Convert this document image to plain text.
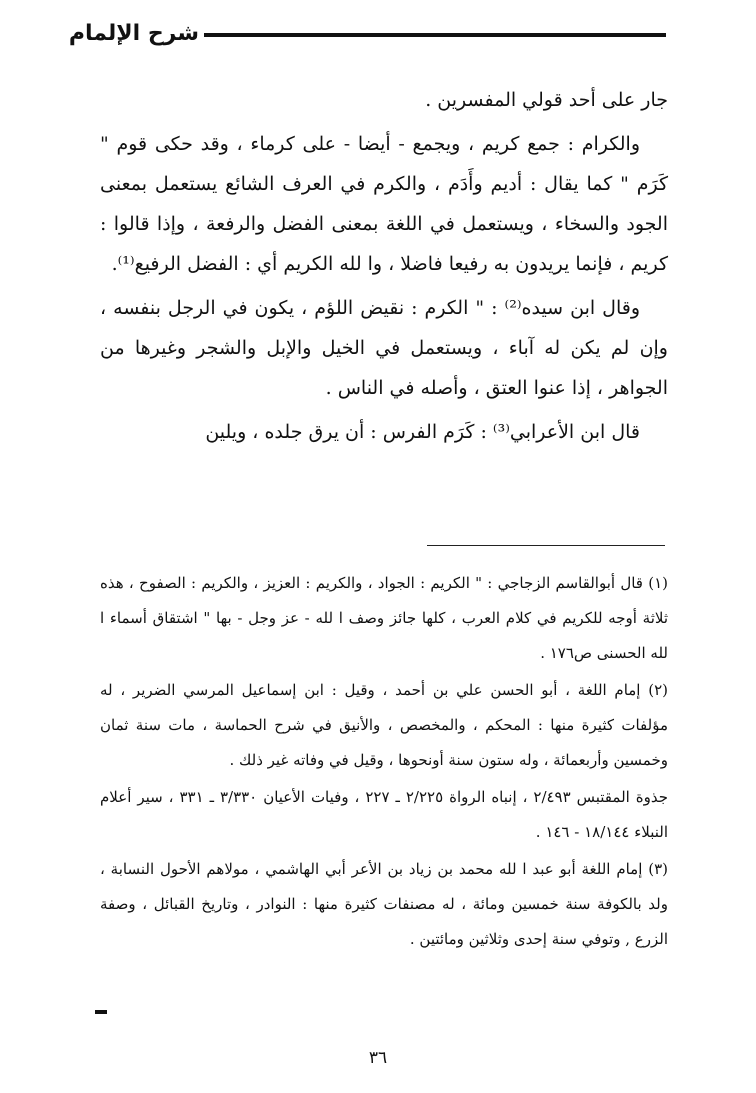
شرح الإلمام

جار على أحد قولي المفسرين .

والكرام : جمع كريم ، ويجمع - أيضا - على كرماء ، وقد حكى قوم " كَرَم " كما يقال : أديم وأَدَم ، والكرم في العرف الشائع يستعمل بمعنى الجود والسخاء ، ويستعمل في اللغة بمعنى الفضل والرفعة ، وإذا قالوا : كريم ، فإنما يريدون به رفيعا فاضلا ، وا لله الكريم أي : الفضل الرفيع⁽¹⁾.

وقال ابن سيده⁽²⁾ : " الكرم : نقيض اللؤم ، يكون في الرجل بنفسه ، وإن لم يكن له آباء ، ويستعمل في الخيل والإبل والشجر وغيرها من الجواهر ، إذا عنوا العتق ، وأصله في الناس .

قال ابن الأعرابي⁽³⁾ : كَرَم الفرس : أن يرق جلده ، ويلين

(١) قال أبوالقاسم الزجاجي : " الكريم : الجواد ، والكريم : العزيز ، والكريم : الصفوح ، هذه ثلاثة أوجه للكريم في كلام العرب ، كلها جائز وصف ا لله - عز وجل - بها " اشتقاق أسماء ا لله الحسنى ص١٧٦ .

(٢) إمام اللغة ، أبو الحسن علي بن أحمد ، وقيل : ابن إسماعيل المرسي الضرير ، له مؤلفات كثيرة منها : المحكم ، والمخصص ، والأنيق في شرح الحماسة ، مات سنة ثمان وخمسين وأربعمائة ، وله ستون سنة أونحوها ، وقيل في وفاته غير ذلك .

جذوة المقتبس ٢/٤٩٣ ، إنباه الرواة ٢/٢٢٥ ـ ٢٢٧ ، وفيات الأعيان ٣/٣٣٠ ـ ٣٣١ ، سير أعلام النبلاء ١٨/١٤٤ - ١٤٦ .

(٣) إمام اللغة أبو عبد ا لله محمد بن زياد بن الأعر أبي الهاشمي ، مولاهم الأحول النسابة ، ولد بالكوفة سنة خمسين ومائة ، له مصنفات كثيرة منها : النوادر ، وتاريخ القبائل ، وصفة الزرع , وتوفي سنة إحدى وثلاثين ومائتين .

٣٦
